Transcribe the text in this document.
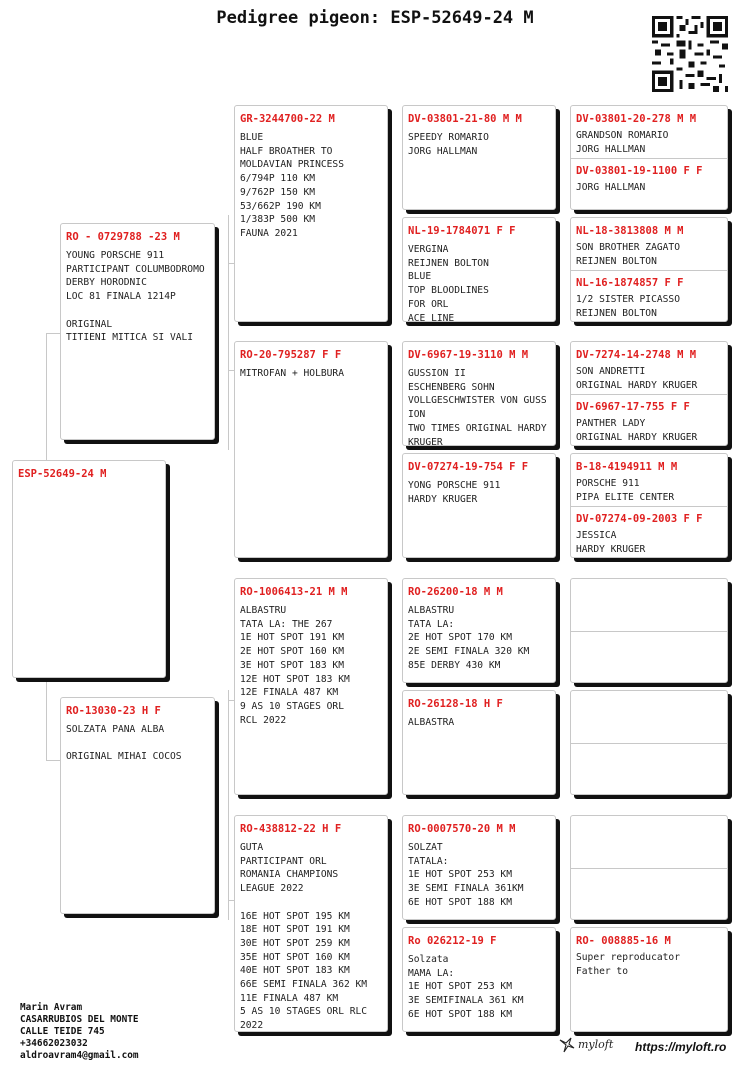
Pedigree pigeon: ESP-52649-24 M
ESP-52649-24 M
RO - 0729788 -23 M
YOUNG PORSCHE 911
PARTICIPANT COLUMBODROMO
DERBY HORODNIC
LOC 81 FINALA 1214P

ORIGINAL
TITIENI MITICA SI VALI
RO-13030-23 H F
SOLZATA PANA ALBA

ORIGINAL MIHAI COCOS
GR-3244700-22 M
BLUE
HALF BROATHER TO
MOLDAVIAN PRINCESS
6/794P 110 KM
9/762P 150 KM
53/662P 190 KM
1/383P 500 KM
FAUNA 2021
RO-20-795287 F F
MITROFAN + HOLBURA
RO-1006413-21 M M
ALBASTRU
TATA LA: THE 267
1E HOT SPOT 191 KM
2E HOT SPOT 160 KM
3E HOT SPOT 183 KM
12E HOT SPOT 183 KM
12E FINALA 487 KM
9 AS 10 STAGES ORL
RCL 2022
RO-438812-22 H F
GUTA
PARTICIPANT ORL
ROMANIA CHAMPIONS
LEAGUE 2022

16E HOT SPOT 195 KM
18E HOT SPOT 191 KM
30E HOT SPOT 259 KM
35E HOT SPOT 160 KM
40E HOT SPOT 183 KM
66E SEMI FINALA 362 KM
11E FINALA 487 KM
5 AS 10 STAGES ORL RLC
2022
DV-03801-21-80 M M
SPEEDY ROMARIO
JORG HALLMAN
NL-19-1784071 F F
VERGINA
REIJNEN BOLTON
BLUE
TOP BLOODLINES
FOR ORL
ACE LINE
DV-6967-19-3110 M M
GUSSION II
ESCHENBERG SOHN
VOLLGESCHWISTER VON GUSS
ION
TWO TIMES ORIGINAL HARDY
KRUGER
DV-07274-19-754 F F
YONG PORSCHE 911
HARDY KRUGER
RO-26200-18 M M
ALBASTRU
TATA LA:
2E HOT SPOT 170 KM
2E SEMI FINALA 320 KM
85E DERBY 430 KM
RO-26128-18 H F
ALBASTRA
RO-0007570-20 M M
SOLZAT
TATALA:
1E HOT SPOT 253 KM
3E SEMI FINALA 361KM
6E HOT SPOT 188 KM
Ro 026212-19 F
Solzata
MAMA LA:
1E HOT SPOT 253 KM
3E SEMIFINALA 361 KM
6E HOT SPOT 188 KM
DV-03801-20-278 M M
GRANDSON ROMARIO
JORG HALLMAN
DV-03801-19-1100 F F
JORG HALLMAN
NL-18-3813808 M M
SON BROTHER ZAGATO
REIJNEN BOLTON
NL-16-1874857 F F
1/2 SISTER PICASSO
REIJNEN BOLTON
DV-7274-14-2748 M M
SON ANDRETTI
ORIGINAL HARDY KRUGER
DV-6967-17-755 F F
PANTHER LADY
ORIGINAL HARDY KRUGER
B-18-4194911 M M
PORSCHE 911
PIPA ELITE CENTER
DV-07274-09-2003 F F
JESSICA
HARDY KRUGER
RO- 008885-16 M
Super reproducator
Father to
Marin Avram
CASARRUBIOS DEL MONTE
CALLE TEIDE 745
+34662023032
aldroavram4@gmail.com
myloft https://myloft.ro
